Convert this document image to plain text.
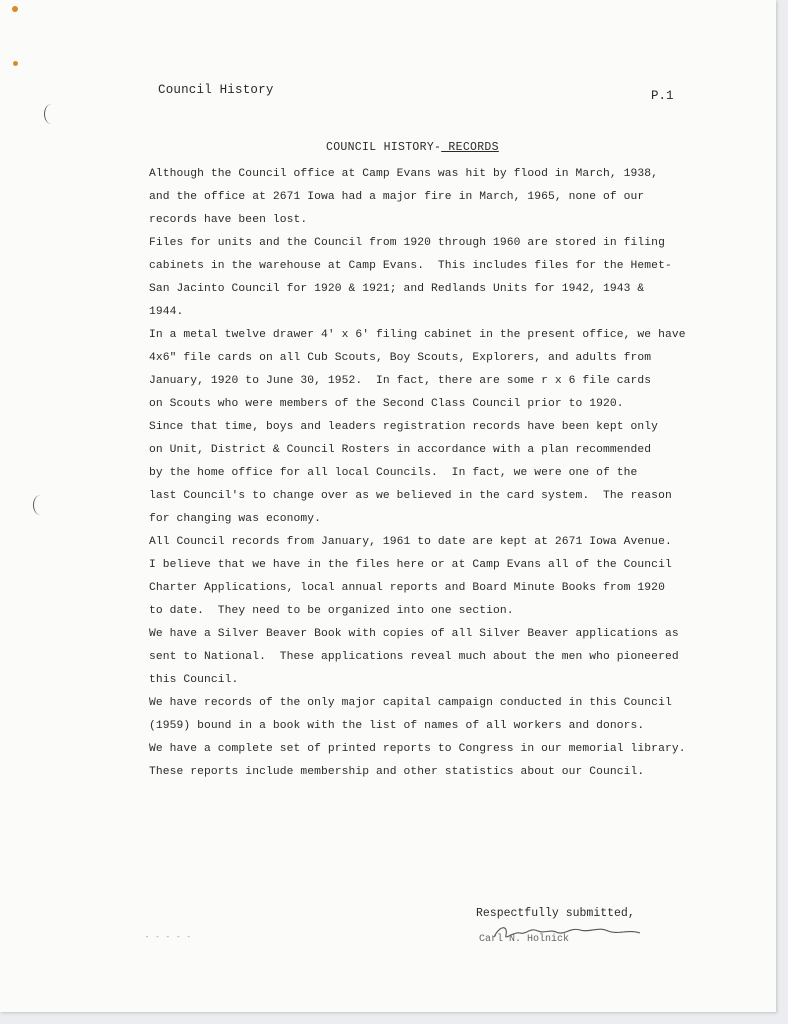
Council History	P.1
COUNCIL HISTORY- RECORDS
Although the Council office at Camp Evans was hit by flood in March, 1938,
and the office at 2671 Iowa had a major fire in March, 1965, none of our
records have been lost.
Files for units and the Council from 1920 through 1960 are stored in filing
cabinets in the warehouse at Camp Evans.  This includes files for the Hemet-
San Jacinto Council for 1920 & 1921; and Redlands Units for 1942, 1943 &
1944.
In a metal twelve drawer 4' x 6' filing cabinet in the present office, we have
4x6" file cards on all Cub Scouts, Boy Scouts, Explorers, and adults from
January, 1920 to June 30, 1952.  In fact, there are some r x 6 file cards
on Scouts who were members of the Second Class Council prior to 1920.
Since that time, boys and leaders registration records have been kept only
on Unit, District & Council Rosters in accordance with a plan recommended
by the home office for all local Councils.  In fact, we were one of the
last Council's to change over as we believed in the card system.  The reason
for changing was economy.
All Council records from January, 1961 to date are kept at 2671 Iowa Avenue.
I believe that we have in the files here or at Camp Evans all of the Council
Charter Applications, local annual reports and Board Minute Books from 1920
to date.  They need to be organized into one section.
We have a Silver Beaver Book with copies of all Silver Beaver applications as
sent to National.  These applications reveal much about the men who pioneered
this Council.
We have records of the only major capital campaign conducted in this Council
(1959) bound in a book with the list of names of all workers and donors.
We have a complete set of printed reports to Congress in our memorial library.
These reports include membership and other statistics about our Council.
Respectfully submitted,
Carl N. Holnick
- - - - -
